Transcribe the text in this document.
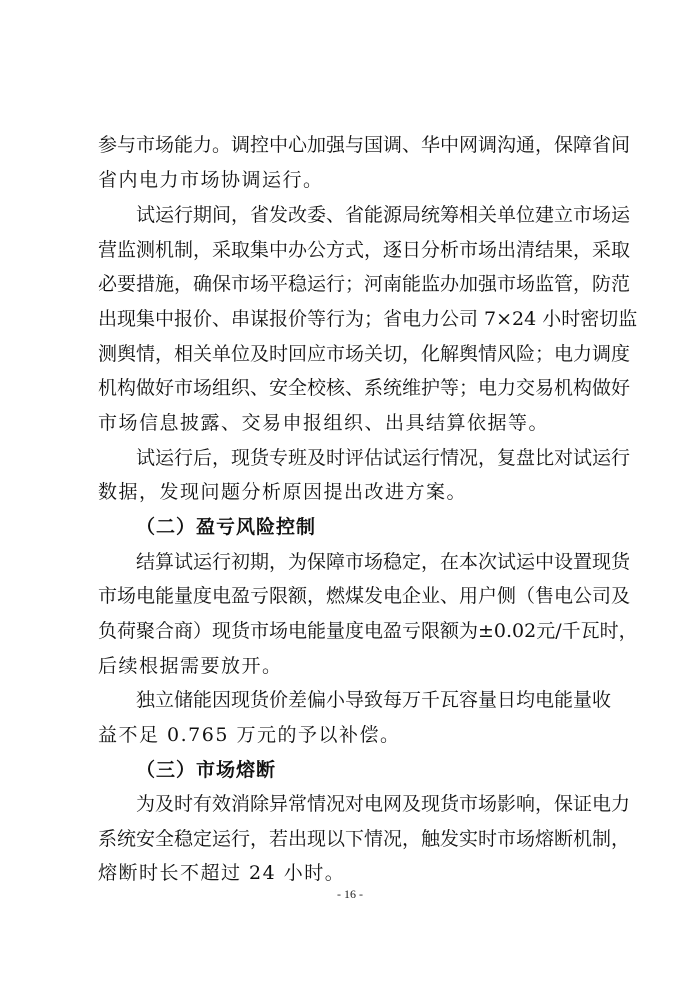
参与市场能力。调控中心加强与国调、华中网调沟通，保障省间
省内电力市场协调运行。
试运行期间，省发改委、省能源局统筹相关单位建立市场运
营监测机制，采取集中办公方式，逐日分析市场出清结果，采取
必要措施，确保市场平稳运行；河南能监办加强市场监管，防范
出现集中报价、串谋报价等行为；省电力公司 7×24 小时密切监
测舆情，相关单位及时回应市场关切，化解舆情风险；电力调度
机构做好市场组织、安全校核、系统维护等；电力交易机构做好
市场信息披露、交易申报组织、出具结算依据等。
试运行后，现货专班及时评估试运行情况，复盘比对试运行
数据，发现问题分析原因提出改进方案。
（二）盈亏风险控制
结算试运行初期，为保障市场稳定，在本次试运中设置现货
市场电能量度电盈亏限额，燃煤发电企业、用户侧（售电公司及
负荷聚合商）现货市场电能量度电盈亏限额为±0.02元/千瓦时，
后续根据需要放开。
独立储能因现货价差偏小导致每万千瓦容量日均电能量收
益不足 0.765 万元的予以补偿。
（三）市场熔断
为及时有效消除异常情况对电网及现货市场影响，保证电力
系统安全稳定运行，若出现以下情况，触发实时市场熔断机制，
熔断时长不超过 24 小时。
- 16 -
